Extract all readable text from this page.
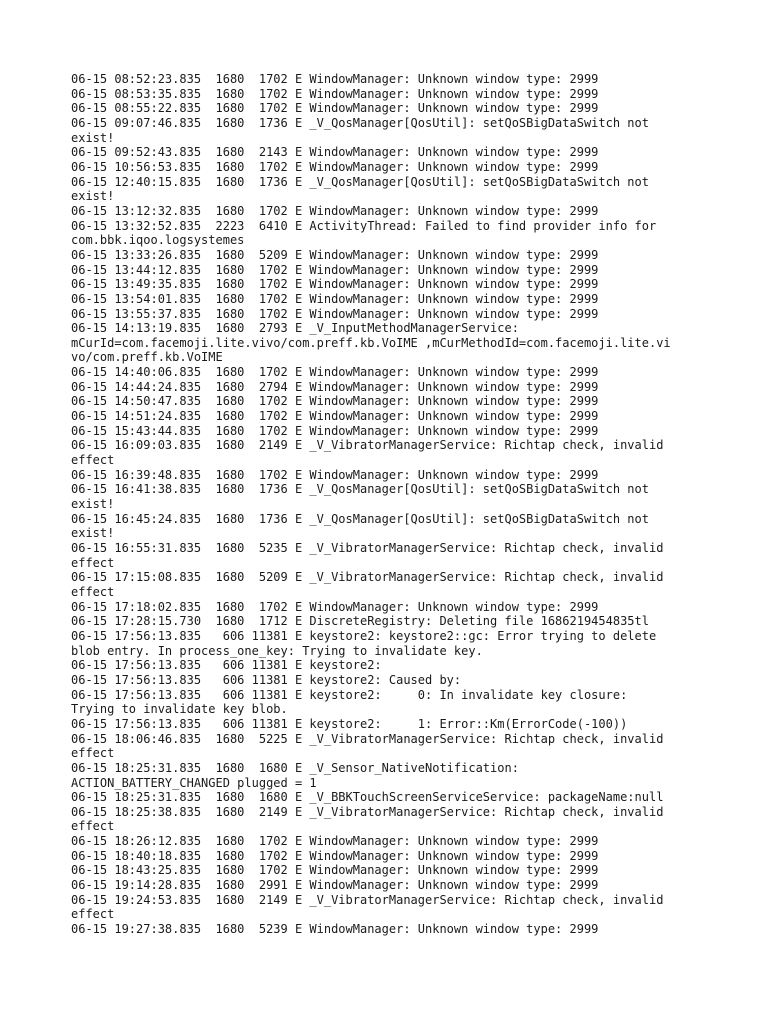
06-15 08:52:23.835  1680  1702 E WindowManager: Unknown window type: 2999
06-15 08:53:35.835  1680  1702 E WindowManager: Unknown window type: 2999
06-15 08:55:22.835  1680  1702 E WindowManager: Unknown window type: 2999
06-15 09:07:46.835  1680  1736 E _V_QosManager[QosUtil]: setQoSBigDataSwitch not
exist!
06-15 09:52:43.835  1680  2143 E WindowManager: Unknown window type: 2999
06-15 10:56:53.835  1680  1702 E WindowManager: Unknown window type: 2999
06-15 12:40:15.835  1680  1736 E _V_QosManager[QosUtil]: setQoSBigDataSwitch not
exist!
06-15 13:12:32.835  1680  1702 E WindowManager: Unknown window type: 2999
06-15 13:32:52.835  2223  6410 E ActivityThread: Failed to find provider info for
com.bbk.iqoo.logsystemes
06-15 13:33:26.835  1680  5209 E WindowManager: Unknown window type: 2999
06-15 13:44:12.835  1680  1702 E WindowManager: Unknown window type: 2999
06-15 13:49:35.835  1680  1702 E WindowManager: Unknown window type: 2999
06-15 13:54:01.835  1680  1702 E WindowManager: Unknown window type: 2999
06-15 13:55:37.835  1680  1702 E WindowManager: Unknown window type: 2999
06-15 14:13:19.835  1680  2793 E _V_InputMethodManagerService:
mCurId=com.facemoji.lite.vivo/com.preff.kb.VoIME ,mCurMethodId=com.facemoji.lite.vi
vo/com.preff.kb.VoIME
06-15 14:40:06.835  1680  1702 E WindowManager: Unknown window type: 2999
06-15 14:44:24.835  1680  2794 E WindowManager: Unknown window type: 2999
06-15 14:50:47.835  1680  1702 E WindowManager: Unknown window type: 2999
06-15 14:51:24.835  1680  1702 E WindowManager: Unknown window type: 2999
06-15 15:43:44.835  1680  1702 E WindowManager: Unknown window type: 2999
06-15 16:09:03.835  1680  2149 E _V_VibratorManagerService: Richtap check, invalid
effect
06-15 16:39:48.835  1680  1702 E WindowManager: Unknown window type: 2999
06-15 16:41:38.835  1680  1736 E _V_QosManager[QosUtil]: setQoSBigDataSwitch not
exist!
06-15 16:45:24.835  1680  1736 E _V_QosManager[QosUtil]: setQoSBigDataSwitch not
exist!
06-15 16:55:31.835  1680  5235 E _V_VibratorManagerService: Richtap check, invalid
effect
06-15 17:15:08.835  1680  5209 E _V_VibratorManagerService: Richtap check, invalid
effect
06-15 17:18:02.835  1680  1702 E WindowManager: Unknown window type: 2999
06-15 17:28:15.730  1680  1712 E DiscreteRegistry: Deleting file 1686219454835tl
06-15 17:56:13.835   606 11381 E keystore2: keystore2::gc: Error trying to delete
blob entry. In process_one_key: Trying to invalidate key.
06-15 17:56:13.835   606 11381 E keystore2:
06-15 17:56:13.835   606 11381 E keystore2: Caused by:
06-15 17:56:13.835   606 11381 E keystore2:     0: In invalidate key closure:
Trying to invalidate key blob.
06-15 17:56:13.835   606 11381 E keystore2:     1: Error::Km(ErrorCode(-100))
06-15 18:06:46.835  1680  5225 E _V_VibratorManagerService: Richtap check, invalid
effect
06-15 18:25:31.835  1680  1680 E _V_Sensor_NativeNotification:
ACTION_BATTERY_CHANGED plugged = 1
06-15 18:25:31.835  1680  1680 E _V_BBKTouchScreenServiceService: packageName:null
06-15 18:25:38.835  1680  2149 E _V_VibratorManagerService: Richtap check, invalid
effect
06-15 18:26:12.835  1680  1702 E WindowManager: Unknown window type: 2999
06-15 18:40:18.835  1680  1702 E WindowManager: Unknown window type: 2999
06-15 18:43:25.835  1680  1702 E WindowManager: Unknown window type: 2999
06-15 19:14:28.835  1680  2991 E WindowManager: Unknown window type: 2999
06-15 19:24:53.835  1680  2149 E _V_VibratorManagerService: Richtap check, invalid
effect
06-15 19:27:38.835  1680  5239 E WindowManager: Unknown window type: 2999
